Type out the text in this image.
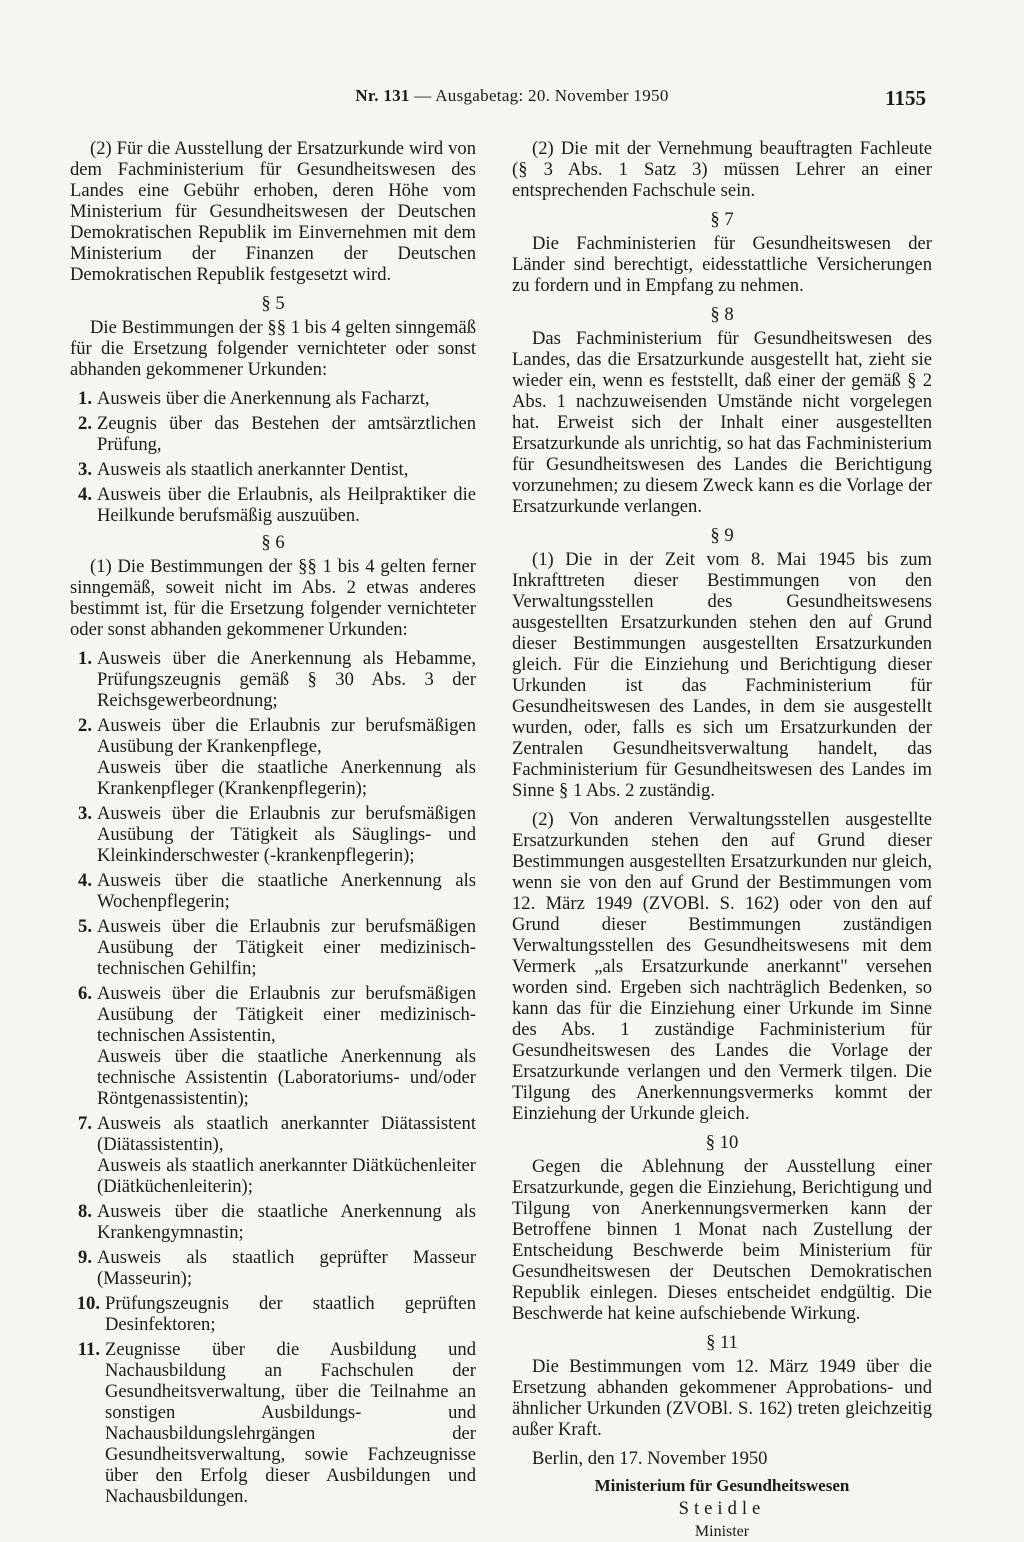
Nr. 131 — Ausgabetag: 20. November 1950	1155

(2) Für die Ausstellung der Ersatzurkunde wird von dem Fachministerium für Gesundheitswesen des Landes eine Gebühr erhoben, deren Höhe vom Ministerium für Gesundheitswesen der Deutschen Demokratischen Republik im Einvernehmen mit dem Ministerium der Finanzen der Deutschen Demokratischen Republik festgesetzt wird.

§ 5

Die Bestimmungen der §§ 1 bis 4 gelten sinngemäß für die Ersetzung folgender vernichteter oder sonst abhanden gekommener Urkunden:

1. Ausweis über die Anerkennung als Facharzt,
2. Zeugnis über das Bestehen der amtsärztlichen Prüfung,
3. Ausweis als staatlich anerkannter Dentist,
4. Ausweis über die Erlaubnis, als Heilpraktiker die Heilkunde berufsmäßig auszuüben.
§ 6

(1) Die Bestimmungen der §§ 1 bis 4 gelten ferner sinngemäß, soweit nicht im Abs. 2 etwas anderes bestimmt ist, für die Ersetzung folgender vernichteter oder sonst abhanden gekommener Urkunden:

1. Ausweis über die Anerkennung als Hebamme, Prüfungszeugnis gemäß § 30 Abs. 3 der Reichsgewerbeordnung;
2. Ausweis über die Erlaubnis zur berufsmäßigen Ausübung der Krankenpflege,
Ausweis über die staatliche Anerkennung als Krankenpfleger (Krankenpflegerin);
3. Ausweis über die Erlaubnis zur berufsmäßigen Ausübung der Tätigkeit als Säuglings- und Kleinkinderschwester (-krankenpflegerin);
4. Ausweis über die staatliche Anerkennung als Wochenpflegerin;
5. Ausweis über die Erlaubnis zur berufsmäßigen Ausübung der Tätigkeit einer medizinisch-technischen Gehilfin;
6. Ausweis über die Erlaubnis zur berufsmäßigen Ausübung der Tätigkeit einer medizinisch-technischen Assistentin,
Ausweis über die staatliche Anerkennung als technische Assistentin (Laboratoriums- und/oder Röntgenassistentin);
7. Ausweis als staatlich anerkannter Diätassistent (Diätassistentin),
Ausweis als staatlich anerkannter Diätküchenleiter (Diätküchenleiterin);
8. Ausweis über die staatliche Anerkennung als Krankengymnastin;
9. Ausweis als staatlich geprüfter Masseur (Masseurin);
10. Prüfungszeugnis der staatlich geprüften Desinfektoren;
11. Zeugnisse über die Ausbildung und Nachausbildung an Fachschulen der Gesundheitsverwaltung, über die Teilnahme an sonstigen Ausbildungs- und Nachausbildungslehrgängen der Gesundheitsverwaltung, sowie Fachzeugnisse über den Erfolg dieser Ausbildungen und Nachausbildungen.

(2) Die mit der Vernehmung beauftragten Fachleute (§ 3 Abs. 1 Satz 3) müssen Lehrer an einer entsprechenden Fachschule sein.

§ 7

Die Fachministerien für Gesundheitswesen der Länder sind berechtigt, eidesstattliche Versicherungen zu fordern und in Empfang zu nehmen.

§ 8

Das Fachministerium für Gesundheitswesen des Landes, das die Ersatzurkunde ausgestellt hat, zieht sie wieder ein, wenn es feststellt, daß einer der gemäß § 2 Abs. 1 nachzuweisenden Umstände nicht vorgelegen hat. Erweist sich der Inhalt einer ausgestellten Ersatzurkunde als unrichtig, so hat das Fachministerium für Gesundheitswesen des Landes die Berichtigung vorzunehmen; zu diesem Zweck kann es die Vorlage der Ersatzurkunde verlangen.

§ 9

(1) Die in der Zeit vom 8. Mai 1945 bis zum Inkrafttreten dieser Bestimmungen von den Verwaltungsstellen des Gesundheitswesens ausgestellten Ersatzurkunden stehen den auf Grund dieser Bestimmungen ausgestellten Ersatzurkunden gleich. Für die Einziehung und Berichtigung dieser Urkunden ist das Fachministerium für Gesundheitswesen des Landes, in dem sie ausgestellt wurden, oder, falls es sich um Ersatzurkunden der Zentralen Gesundheitsverwaltung handelt, das Fachministerium für Gesundheitswesen des Landes im Sinne § 1 Abs. 2 zuständig.

(2) Von anderen Verwaltungsstellen ausgestellte Ersatzurkunden stehen den auf Grund dieser Bestimmungen ausgestellten Ersatzurkunden nur gleich, wenn sie von den auf Grund der Bestimmungen vom 12. März 1949 (ZVOBl. S. 162) oder von den auf Grund dieser Bestimmungen zuständigen Verwaltungsstellen des Gesundheitswesens mit dem Vermerk „als Ersatzurkunde anerkannt" versehen worden sind. Ergeben sich nachträglich Bedenken, so kann das für die Einziehung einer Urkunde im Sinne des Abs. 1 zuständige Fachministerium für Gesundheitswesen des Landes die Vorlage der Ersatzurkunde verlangen und den Vermerk tilgen. Die Tilgung des Anerkennungsvermerks kommt der Einziehung der Urkunde gleich.

§ 10

Gegen die Ablehnung der Ausstellung einer Ersatzurkunde, gegen die Einziehung, Berichtigung und Tilgung von Anerkennungsvermerken kann der Betroffene binnen 1 Monat nach Zustellung der Entscheidung Beschwerde beim Ministerium für Gesundheitswesen der Deutschen Demokratischen Republik einlegen. Dieses entscheidet endgültig. Die Beschwerde hat keine aufschiebende Wirkung.

§ 11

Die Bestimmungen vom 12. März 1949 über die Ersetzung abhanden gekommener Approbations- und ähnlicher Urkunden (ZVOBl. S. 162) treten gleichzeitig außer Kraft.

Berlin, den 17. November 1950
Ministerium für Gesundheitswesen
Steidle
Minister
